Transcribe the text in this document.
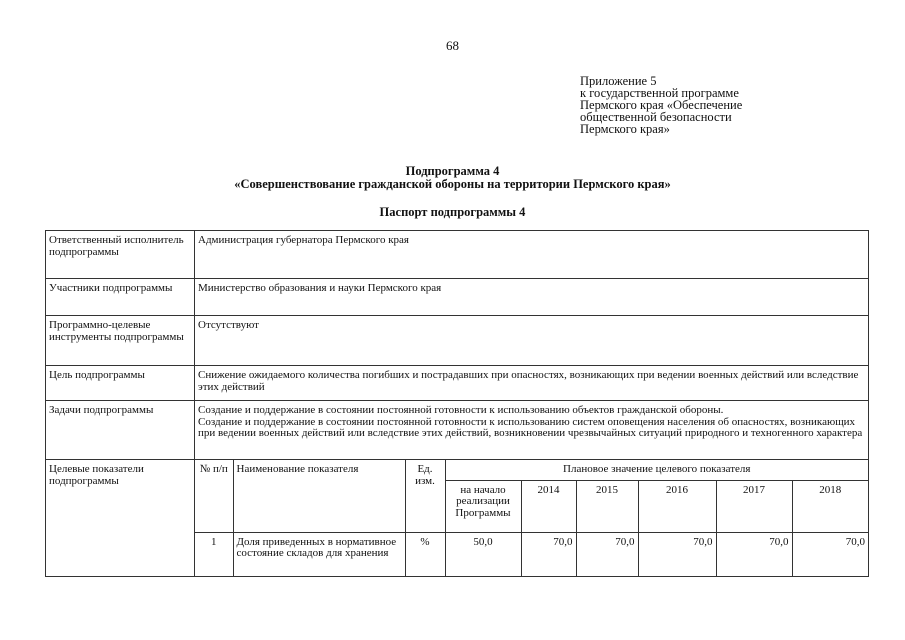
68
Приложение 5
к государственной программе
Пермского края «Обеспечение
общественной безопасности
Пермского края»
Подпрограмма 4
«Совершенствование гражданской обороны на территории Пермского края»
Паспорт подпрограммы 4
Ответственный исполнитель подпрограммы	Администрация губернатора Пермского края
Участники подпрограммы	Министерство образования и науки Пермского края
Программно-целевые инструменты подпрограммы	Отсутствуют
Цель подпрограммы	Снижение ожидаемого количества погибших и пострадавших при опасностях, возникающих при ведении военных действий или вследствие этих действий
Задачи подпрограммы	Создание и поддержание в состоянии постоянной готовности к использованию объектов гражданской обороны.
Создание и поддержание в состоянии постоянной готовности к использованию систем оповещения населения об опасностях, возникающих при ведении военных действий или вследствие этих действий, возникновении чрезвычайных ситуаций природного и техногенного характера

Целевые показатели подпрограммы	
№ п/п	Наименование показателя	Ед. изм.	Плановое значение целевого показателя
на начало реализации Программы	2014	2015	2016	2017	2018
1	Доля приведенных в нормативное состояние складов для хранения	%	50,0	70,0	70,0	70,0	70,0	70,0
